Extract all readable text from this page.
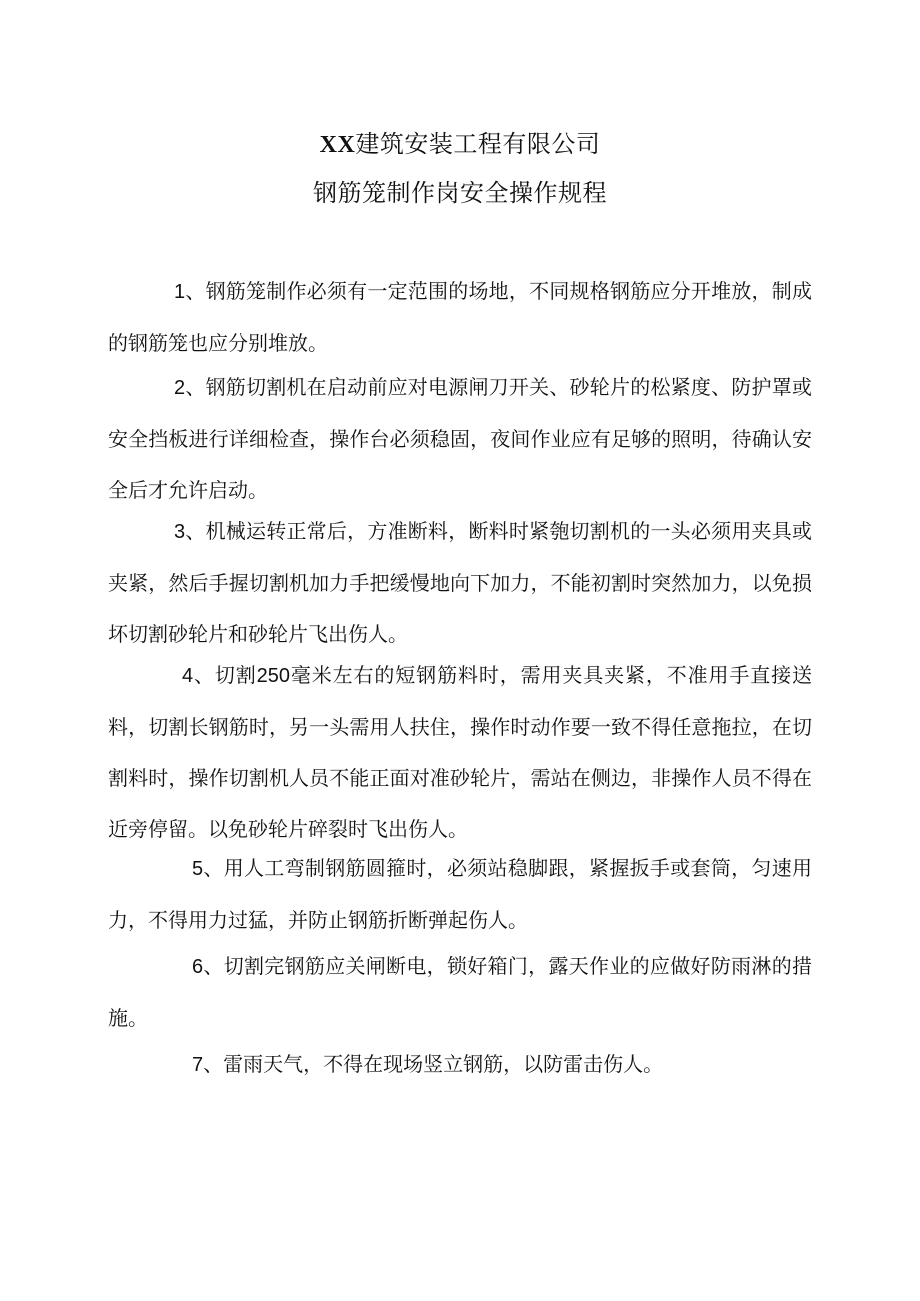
XX建筑安装工程有限公司
钢筋笼制作岗安全操作规程

1、钢筋笼制作必须有一定范围的场地，不同规格钢筋应分开堆放，制成的钢筋笼也应分别堆放。

2、钢筋切割机在启动前应对电源闸刀开关、砂轮片的松紧度、防护罩或安全挡板进行详细检查，操作台必须稳固，夜间作业应有足够的照明，待确认安全后才允许启动。

3、机械运转正常后，方准断料，断料时紧匏切割机的一头必须用夹具或夹紧，然后手握切割机加力手把缓慢地向下加力，不能初割时突然加力，以免损坏切割砂轮片和砂轮片飞出伤人。

4、切割250毫米左右的短钢筋料时，需用夹具夹紧，不准用手直接送料，切割长钢筋时，另一头需用人扶住，操作时动作要一致不得任意拖拉，在切割料时，操作切割机人员不能正面对准砂轮片，需站在侧边，非操作人员不得在近旁停留。以免砂轮片碎裂时飞出伤人。

5、用人工弯制钢筋圆箍时，必须站稳脚跟，紧握扳手或套筒，匀速用力，不得用力过猛，并防止钢筋折断弹起伤人。

6、切割完钢筋应关闸断电，锁好箱门，露天作业的应做好防雨淋的措施。

7、雷雨天气，不得在现场竖立钢筋，以防雷击伤人。
